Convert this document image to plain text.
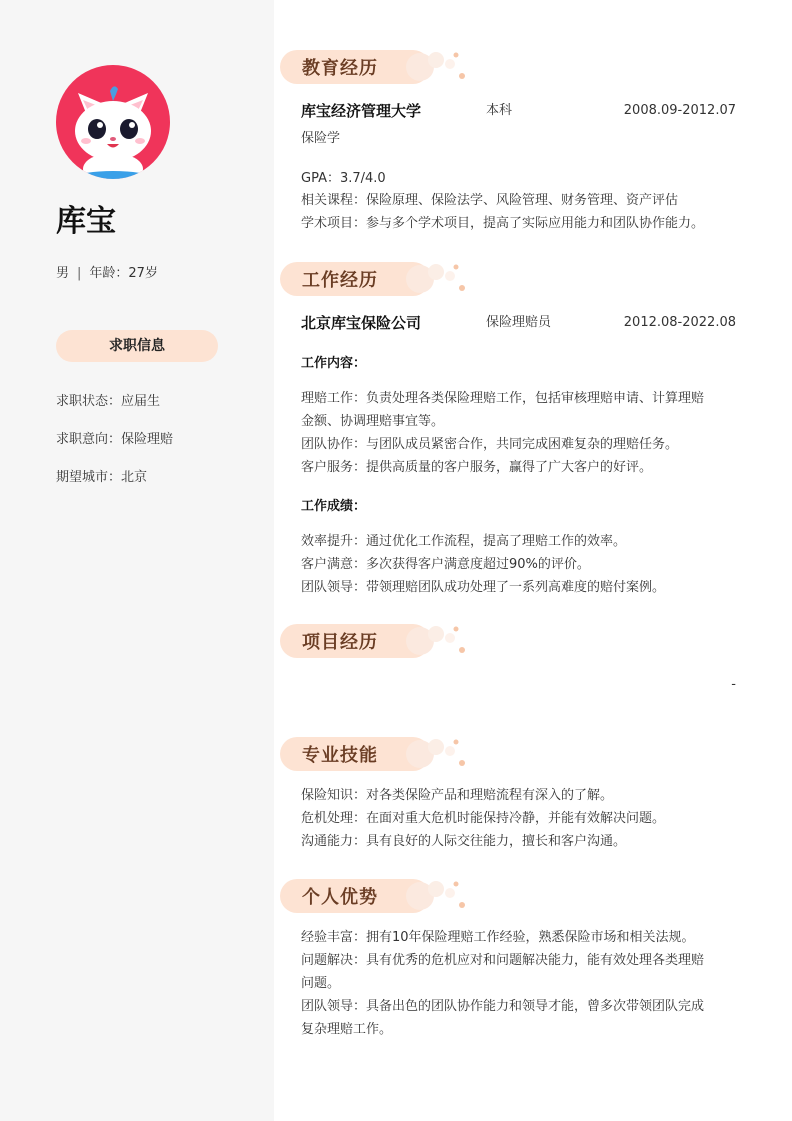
库宝
男 | 年龄：27岁
求职信息
求职状态：应届生
求职意向：保险理赔
期望城市：北京
教育经历
库宝经济管理大学	本科	2008.09-2012.07
保险学
GPA：3.7/4.0
相关课程：保险原理、保险法学、风险管理、财务管理、资产评估
学术项目：参与多个学术项目，提高了实际应用能力和团队协作能力。
工作经历
北京库宝保险公司	保险理赔员	2012.08-2022.08
工作内容：
理赔工作：负责处理各类保险理赔工作，包括审核理赔申请、计算理赔
金额、协调理赔事宜等。
团队协作：与团队成员紧密合作，共同完成困难复杂的理赔任务。
客户服务：提供高质量的客户服务，赢得了广大客户的好评。
工作成绩：
效率提升：通过优化工作流程，提高了理赔工作的效率。
客户满意：多次获得客户满意度超过90%的评价。
团队领导：带领理赔团队成功处理了一系列高难度的赔付案例。
项目经历
-
专业技能
保险知识：对各类保险产品和理赔流程有深入的了解。
危机处理：在面对重大危机时能保持冷静，并能有效解决问题。
沟通能力：具有良好的人际交往能力，擅长和客户沟通。
个人优势
经验丰富：拥有10年保险理赔工作经验，熟悉保险市场和相关法规。
问题解决：具有优秀的危机应对和问题解决能力，能有效处理各类理赔
问题。
团队领导：具备出色的团队协作能力和领导才能，曾多次带领团队完成
复杂理赔工作。
